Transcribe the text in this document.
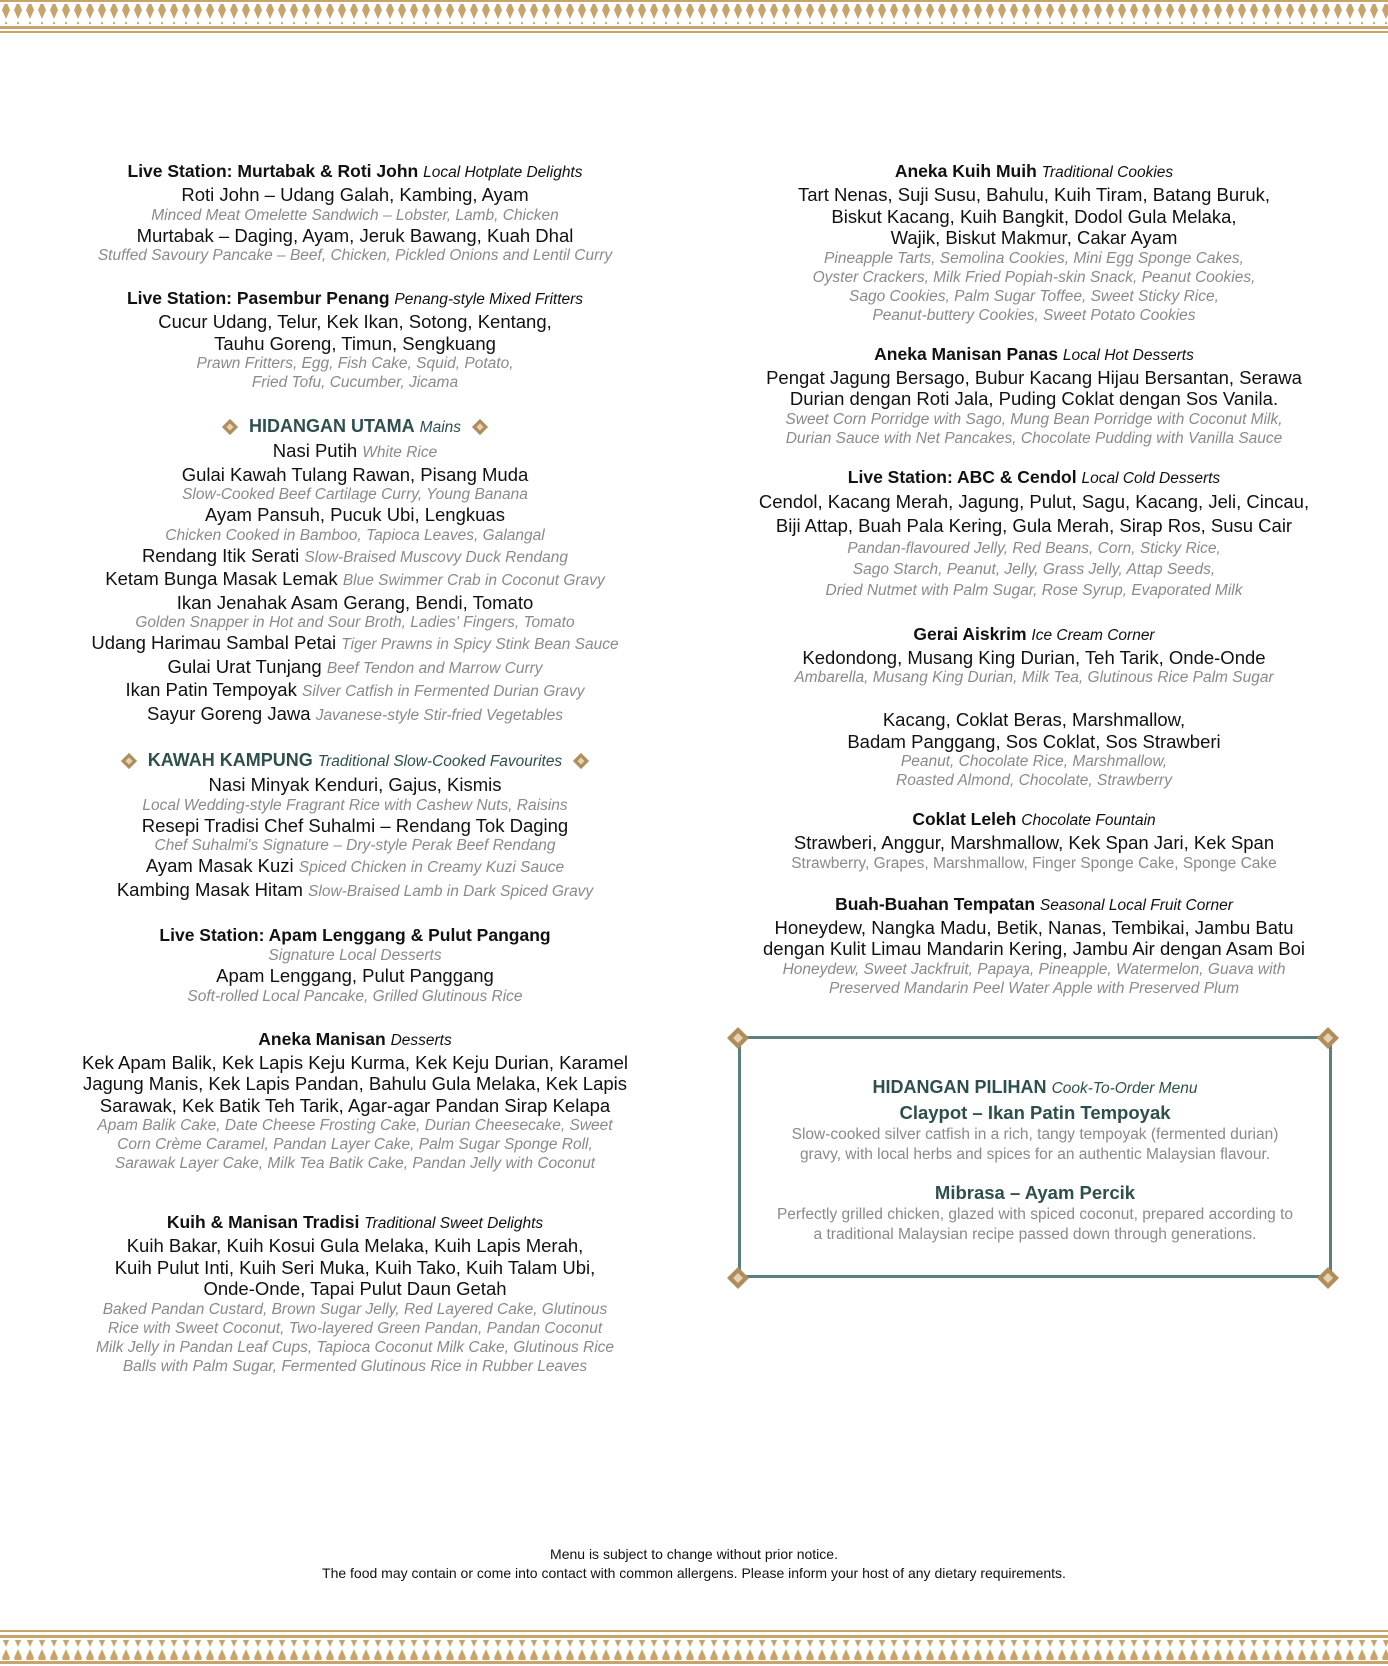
Live Station: Murtabak & Roti John Local Hotplate Delights
Roti John – Udang Galah, Kambing, Ayam
Minced Meat Omelette Sandwich – Lobster, Lamb, Chicken
Murtabak – Daging, Ayam, Jeruk Bawang, Kuah Dhal
Stuffed Savoury Pancake – Beef, Chicken, Pickled Onions and Lentil Curry
Live Station: Pasembur Penang Penang-style Mixed Fritters
Cucur Udang, Telur, Kek Ikan, Sotong, Kentang,
Tauhu Goreng, Timun, Sengkuang
Prawn Fritters, Egg, Fish Cake, Squid, Potato,
Fried Tofu, Cucumber, Jicama
HIDANGAN UTAMA Mains
Nasi Putih White Rice
Gulai Kawah Tulang Rawan, Pisang Muda
Slow-Cooked Beef Cartilage Curry, Young Banana
Ayam Pansuh, Pucuk Ubi, Lengkuas
Chicken Cooked in Bamboo, Tapioca Leaves, Galangal
Rendang Itik Serati Slow-Braised Muscovy Duck Rendang
Ketam Bunga Masak Lemak Blue Swimmer Crab in Coconut Gravy
Ikan Jenahak Asam Gerang, Bendi, Tomato
Golden Snapper in Hot and Sour Broth, Ladies' Fingers, Tomato
Udang Harimau Sambal Petai Tiger Prawns in Spicy Stink Bean Sauce
Gulai Urat Tunjang Beef Tendon and Marrow Curry
Ikan Patin Tempoyak Silver Catfish in Fermented Durian Gravy
Sayur Goreng Jawa Javanese-style Stir-fried Vegetables
KAWAH KAMPUNG Traditional Slow-Cooked Favourites
Nasi Minyak Kenduri, Gajus, Kismis
Local Wedding-style Fragrant Rice with Cashew Nuts, Raisins
Resepi Tradisi Chef Suhalmi – Rendang Tok Daging
Chef Suhalmi's Signature – Dry-style Perak Beef Rendang
Ayam Masak Kuzi Spiced Chicken in Creamy Kuzi Sauce
Kambing Masak Hitam Slow-Braised Lamb in Dark Spiced Gravy
Live Station: Apam Lenggang & Pulut Pangang
Signature Local Desserts
Apam Lenggang, Pulut Panggang
Soft-rolled Local Pancake, Grilled Glutinous Rice
Aneka Manisan Desserts
Kek Apam Balik, Kek Lapis Keju Kurma, Kek Keju Durian, Karamel
Jagung Manis, Kek Lapis Pandan, Bahulu Gula Melaka, Kek Lapis
Sarawak, Kek Batik Teh Tarik, Agar-agar Pandan Sirap Kelapa
Apam Balik Cake, Date Cheese Frosting Cake, Durian Cheesecake, Sweet
Corn Crème Caramel, Pandan Layer Cake, Palm Sugar Sponge Roll,
Sarawak Layer Cake, Milk Tea Batik Cake, Pandan Jelly with Coconut
Kuih & Manisan Tradisi Traditional Sweet Delights
Kuih Bakar, Kuih Kosui Gula Melaka, Kuih Lapis Merah,
Kuih Pulut Inti, Kuih Seri Muka, Kuih Tako, Kuih Talam Ubi,
Onde-Onde, Tapai Pulut Daun Getah
Baked Pandan Custard, Brown Sugar Jelly, Red Layered Cake, Glutinous
Rice with Sweet Coconut, Two-layered Green Pandan, Pandan Coconut
Milk Jelly in Pandan Leaf Cups, Tapioca Coconut Milk Cake, Glutinous Rice
Balls with Palm Sugar, Fermented Glutinous Rice in Rubber Leaves
Aneka Kuih Muih Traditional Cookies
Tart Nenas, Suji Susu, Bahulu, Kuih Tiram, Batang Buruk,
Biskut Kacang, Kuih Bangkit, Dodol Gula Melaka,
Wajik, Biskut Makmur, Cakar Ayam
Pineapple Tarts, Semolina Cookies, Mini Egg Sponge Cakes,
Oyster Crackers, Milk Fried Popiah-skin Snack, Peanut Cookies,
Sago Cookies, Palm Sugar Toffee, Sweet Sticky Rice,
Peanut-buttery Cookies, Sweet Potato Cookies
Aneka Manisan Panas Local Hot Desserts
Pengat Jagung Bersago, Bubur Kacang Hijau Bersantan, Serawa
Durian dengan Roti Jala, Puding Coklat dengan Sos Vanila.
Sweet Corn Porridge with Sago, Mung Bean Porridge with Coconut Milk,
Durian Sauce with Net Pancakes, Chocolate Pudding with Vanilla Sauce
Live Station: ABC & Cendol Local Cold Desserts
Cendol, Kacang Merah, Jagung, Pulut, Sagu, Kacang, Jeli, Cincau,
Biji Attap, Buah Pala Kering, Gula Merah, Sirap Ros, Susu Cair
Pandan-flavoured Jelly, Red Beans, Corn, Sticky Rice,
Sago Starch, Peanut, Jelly, Grass Jelly, Attap Seeds,
Dried Nutmet with Palm Sugar, Rose Syrup, Evaporated Milk
Gerai Aiskrim Ice Cream Corner
Kedondong, Musang King Durian, Teh Tarik, Onde-Onde
Ambarella, Musang King Durian, Milk Tea, Glutinous Rice Palm Sugar
Kacang, Coklat Beras, Marshmallow,
Badam Panggang, Sos Coklat, Sos Strawberi
Peanut, Chocolate Rice, Marshmallow,
Roasted Almond, Chocolate, Strawberry
Coklat Leleh Chocolate Fountain
Strawberi, Anggur, Marshmallow, Kek Span Jari, Kek Span
Strawberry, Grapes, Marshmallow, Finger Sponge Cake, Sponge Cake
Buah-Buahan Tempatan Seasonal Local Fruit Corner
Honeydew, Nangka Madu, Betik, Nanas, Tembikai, Jambu Batu
dengan Kulit Limau Mandarin Kering, Jambu Air dengan Asam Boi
Honeydew, Sweet Jackfruit, Papaya, Pineapple, Watermelon, Guava with
Preserved Mandarin Peel Water Apple with Preserved Plum
HIDANGAN PILIHAN Cook-To-Order Menu
Claypot – Ikan Patin Tempoyak
Slow-cooked silver catfish in a rich, tangy tempoyak (fermented durian)
gravy, with local herbs and spices for an authentic Malaysian flavour.
Mibrasa – Ayam Percik
Perfectly grilled chicken, glazed with spiced coconut, prepared according to
a traditional Malaysian recipe passed down through generations.
Menu is subject to change without prior notice.
The food may contain or come into contact with common allergens. Please inform your host of any dietary requirements.
